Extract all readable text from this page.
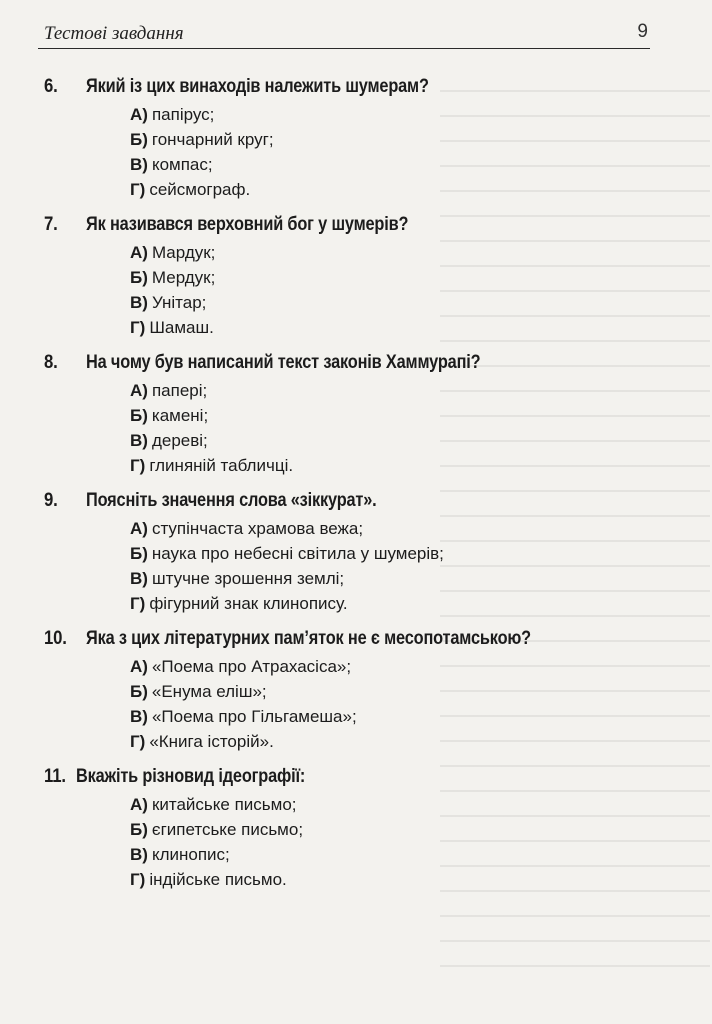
Тестові завдання	9
6. Який із цих винаходів належить шумерам?
А) папірус;
Б) гончарний круг;
В) компас;
Г) сейсмограф.
7. Як називався верховний бог у шумерів?
А) Мардук;
Б) Мердук;
В) Унітар;
Г) Шамаш.
8. На чому був написаний текст законів Хаммурапі?
А) папері;
Б) камені;
В) дереві;
Г) глиняній табличці.
9. Поясніть значення слова «зіккурат».
А) ступінчаста храмова вежа;
Б) наука про небесні світила у шумерів;
В) штучне зрошення землі;
Г) фігурний знак клинопису.
10. Яка з цих літературних пам’яток не є месопотамською?
А) «Поема про Атрахасіса»;
Б) «Енума еліш»;
В) «Поема про Гільгамеша»;
Г) «Книга історій».
11. Вкажіть різновид ідеографії:
А) китайське письмо;
Б) єгипетське письмо;
В) клинопис;
Г) індійське письмо.
